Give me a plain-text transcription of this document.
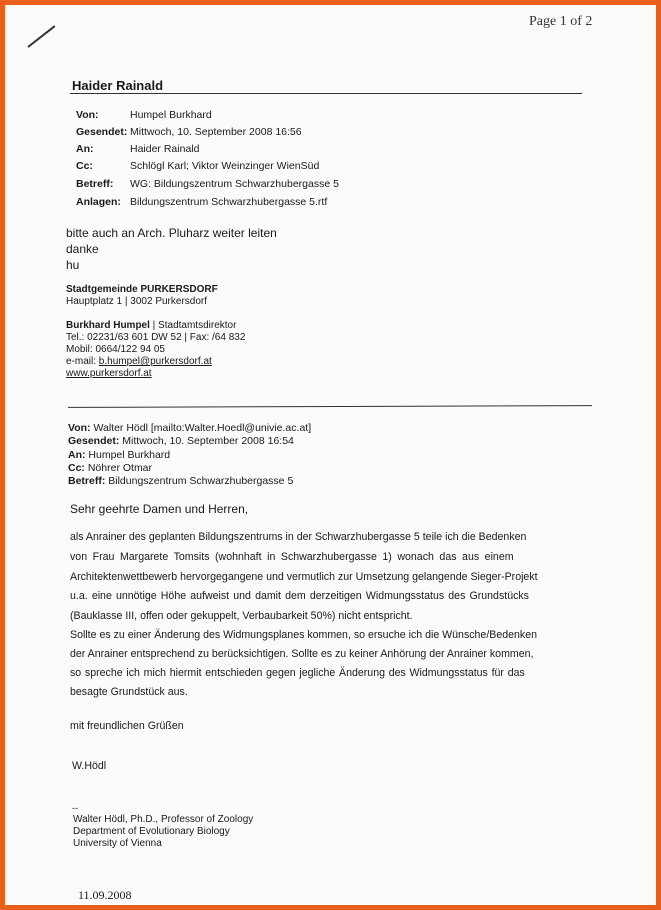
Page 1 of 2
Haider Rainald
Von:	Humpel Burkhard
Gesendet: Mittwoch, 10. September 2008 16:56
An:	Haider Rainald
Cc:	Schlögl Karl; Viktor Weinzinger WienSüd
Betreff: WG: Bildungszentrum Schwarzhubergasse 5
Anlagen: Bildungszentrum Schwarzhubergasse 5.rtf
bitte auch an Arch. Pluharz weiter leiten
danke
hu
Stadtgemeinde PURKERSDORF
Hauptplatz 1 | 3002 Purkersdorf
Burkhard Humpel | Stadtamtsdirektor
Tel.: 02231/63 601 DW 52 | Fax: /64 832
Mobil: 0664/122 94 05
e-mail: b.humpel@purkersdorf.at
www.purkersdorf.at
Von: Walter Hödl [mailto:Walter.Hoedl@univie.ac.at]
Gesendet: Mittwoch, 10. September 2008 16:54
An: Humpel Burkhard
Cc: Nöhrer Otmar
Betreff: Bildungszentrum Schwarzhubergasse 5
Sehr geehrte Damen und Herren,
als Anrainer des geplanten Bildungszentrums in der Schwarzhubergasse 5 teile ich die Bedenken
von Frau Margarete Tomsits (wohnhaft in Schwarzhubergasse 1) wonach das aus einem
Architektenwettbewerb hervorgegangene und vermutlich zur Umsetzung gelangende Sieger-Projekt
u.a. eine unnötige Höhe aufweist und damit dem derzeitigen Widmungsstatus des Grundstücks
(Bauklasse III, offen oder gekuppelt, Verbaubarkeit 50%) nicht entspricht.
Sollte es zu einer Änderung des Widmungsplanes kommen, so ersuche ich die Wünsche/Bedenken
der Anrainer entsprechend zu berücksichtigen. Sollte es zu keiner Anhörung der Anrainer kommen,
so spreche ich mich hiermit entschieden gegen jegliche Änderung des Widmungsstatus für das
besagte Grundstück aus.
mit freundlichen Grüßen
W.Hödl
--
Walter Hödl, Ph.D., Professor of Zoology
Department of Evolutionary Biology
University of Vienna
11.09.2008
